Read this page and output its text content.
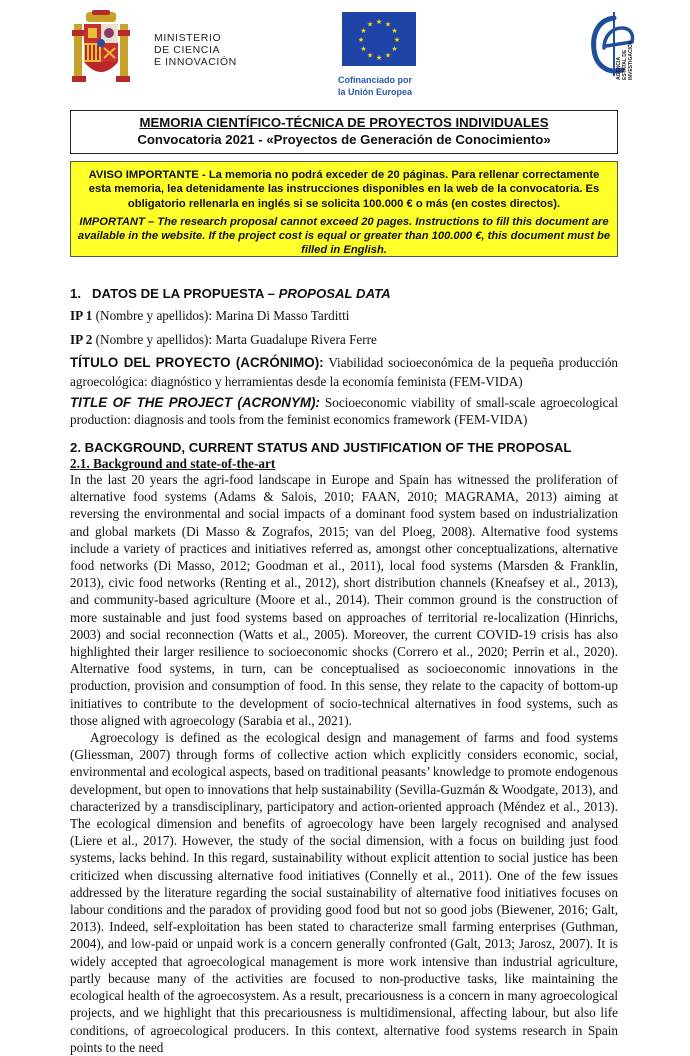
MINISTERIO
DE CIENCIA
E INNOVACIÓN
★ ★
★
★
★
★
★
★
★
★
★
★
Cofinanciado por
la Unión Europea
AGENCIA ESTATAL DE INVESTIGACIÓN
MEMORIA CIENTÍFICO-TÉCNICA DE PROYECTOS INDIVIDUALES
Convocatoria 2021 - «Proyectos de Generación de Conocimiento»

AVISO IMPORTANTE - La memoria no podrá exceder de 20 páginas. Para rellenar correctamente esta memoria, lea detenidamente las instrucciones disponibles en la web de la convocatoria. Es obligatorio rellenarla en inglés si se solicita 100.000 € o más (en costes directos).

IMPORTANT – The research proposal cannot exceed 20 pages. Instructions to fill this document are available in the website. If the project cost is equal or greater than 100.000 €, this document must be filled in English.

1. DATOS DE LA PROPUESTA – PROPOSAL DATA
IP 1 (Nombre y apellidos): Marina Di Masso Tarditti
IP 2 (Nombre y apellidos): Marta Guadalupe Rivera Ferre
TÍTULO DEL PROYECTO (ACRÓNIMO): Viabilidad socioeconómica de la pequeña producción agroecológica: diagnóstico y herramientas desde la economía feminista (FEM-VIDA)
TITLE OF THE PROJECT (ACRONYM): Socioeconomic viability of small-scale agroecological production: diagnosis and tools from the feminist economics framework (FEM-VIDA)
2. BACKGROUND, CURRENT STATUS AND JUSTIFICATION OF THE PROPOSAL
2.1. Background and state-of-the-art

In the last 20 years the agri-food landscape in Europe and Spain has witnessed the proliferation of alternative food systems (Adams & Salois, 2010; FAAN, 2010; MAGRAMA, 2013) aiming at reversing the environmental and social impacts of a dominant food system based on industrialization and global markets (Di Masso & Zografos, 2015; van del Ploeg, 2008). Alternative food systems include a variety of practices and initiatives referred as, amongst other conceptualizations, alternative food networks (Di Masso, 2012; Goodman et al., 2011), local food systems (Marsden & Franklin, 2013), civic food networks (Renting et al., 2012), short distribution channels (Kneafsey et al., 2013), and community-based agriculture (Moore et al., 2014). Their common ground is the construction of more sustainable and just food systems based on approaches of territorial re-localization (Hinrichs, 2003) and social reconnection (Watts et al., 2005). Moreover, the current COVID-19 crisis has also highlighted their larger resilience to socioeconomic shocks (Correro et al., 2020; Perrin et al., 2020). Alternative food systems, in turn, can be conceptualised as socioeconomic innovations in the production, provision and consumption of food. In this sense, they relate to the capacity of bottom-up initiatives to contribute to the development of socio-technical alternatives in food systems, such as those aligned with agroecology (Sarabia et al., 2021).

Agroecology is defined as the ecological design and management of farms and food systems (Gliessman, 2007) through forms of collective action which explicitly considers economic, social, environmental and ecological aspects, based on traditional peasants’ knowledge to promote endogenous development, but open to innovations that help sustainability (Sevilla-Guzmán & Woodgate, 2013), and characterized by a transdisciplinary, participatory and action-oriented approach (Méndez et al., 2013). The ecological dimension and benefits of agroecology have been largely recognised and analysed (Liere et al., 2017). However, the study of the social dimension, with a focus on building just food systems, lacks behind. In this regard, sustainability without explicit attention to social justice has been criticized when discussing alternative food initiatives (Connelly et al., 2011). One of the few issues addressed by the literature regarding the social sustainability of alternative food initiatives focuses on labour conditions and the paradox of providing good food but not so good jobs (Biewener, 2016; Galt, 2013). Indeed, self-exploitation has been stated to characterize small farming enterprises (Guthman, 2004), and low-paid or unpaid work is a concern generally confronted (Galt, 2013; Jarosz, 2007). It is widely accepted that agroecological management is more work intensive than industrial agriculture, partly because many of the activities are focused to non-productive tasks, like maintaining the ecological health of the agroecosystem. As a result, precariousness is a concern in many agroecological projects, and we highlight that this precariousness is multidimensional, affecting labour, but also life conditions, of agroecological producers. In this context, alternative food systems research in Spain points to the need
